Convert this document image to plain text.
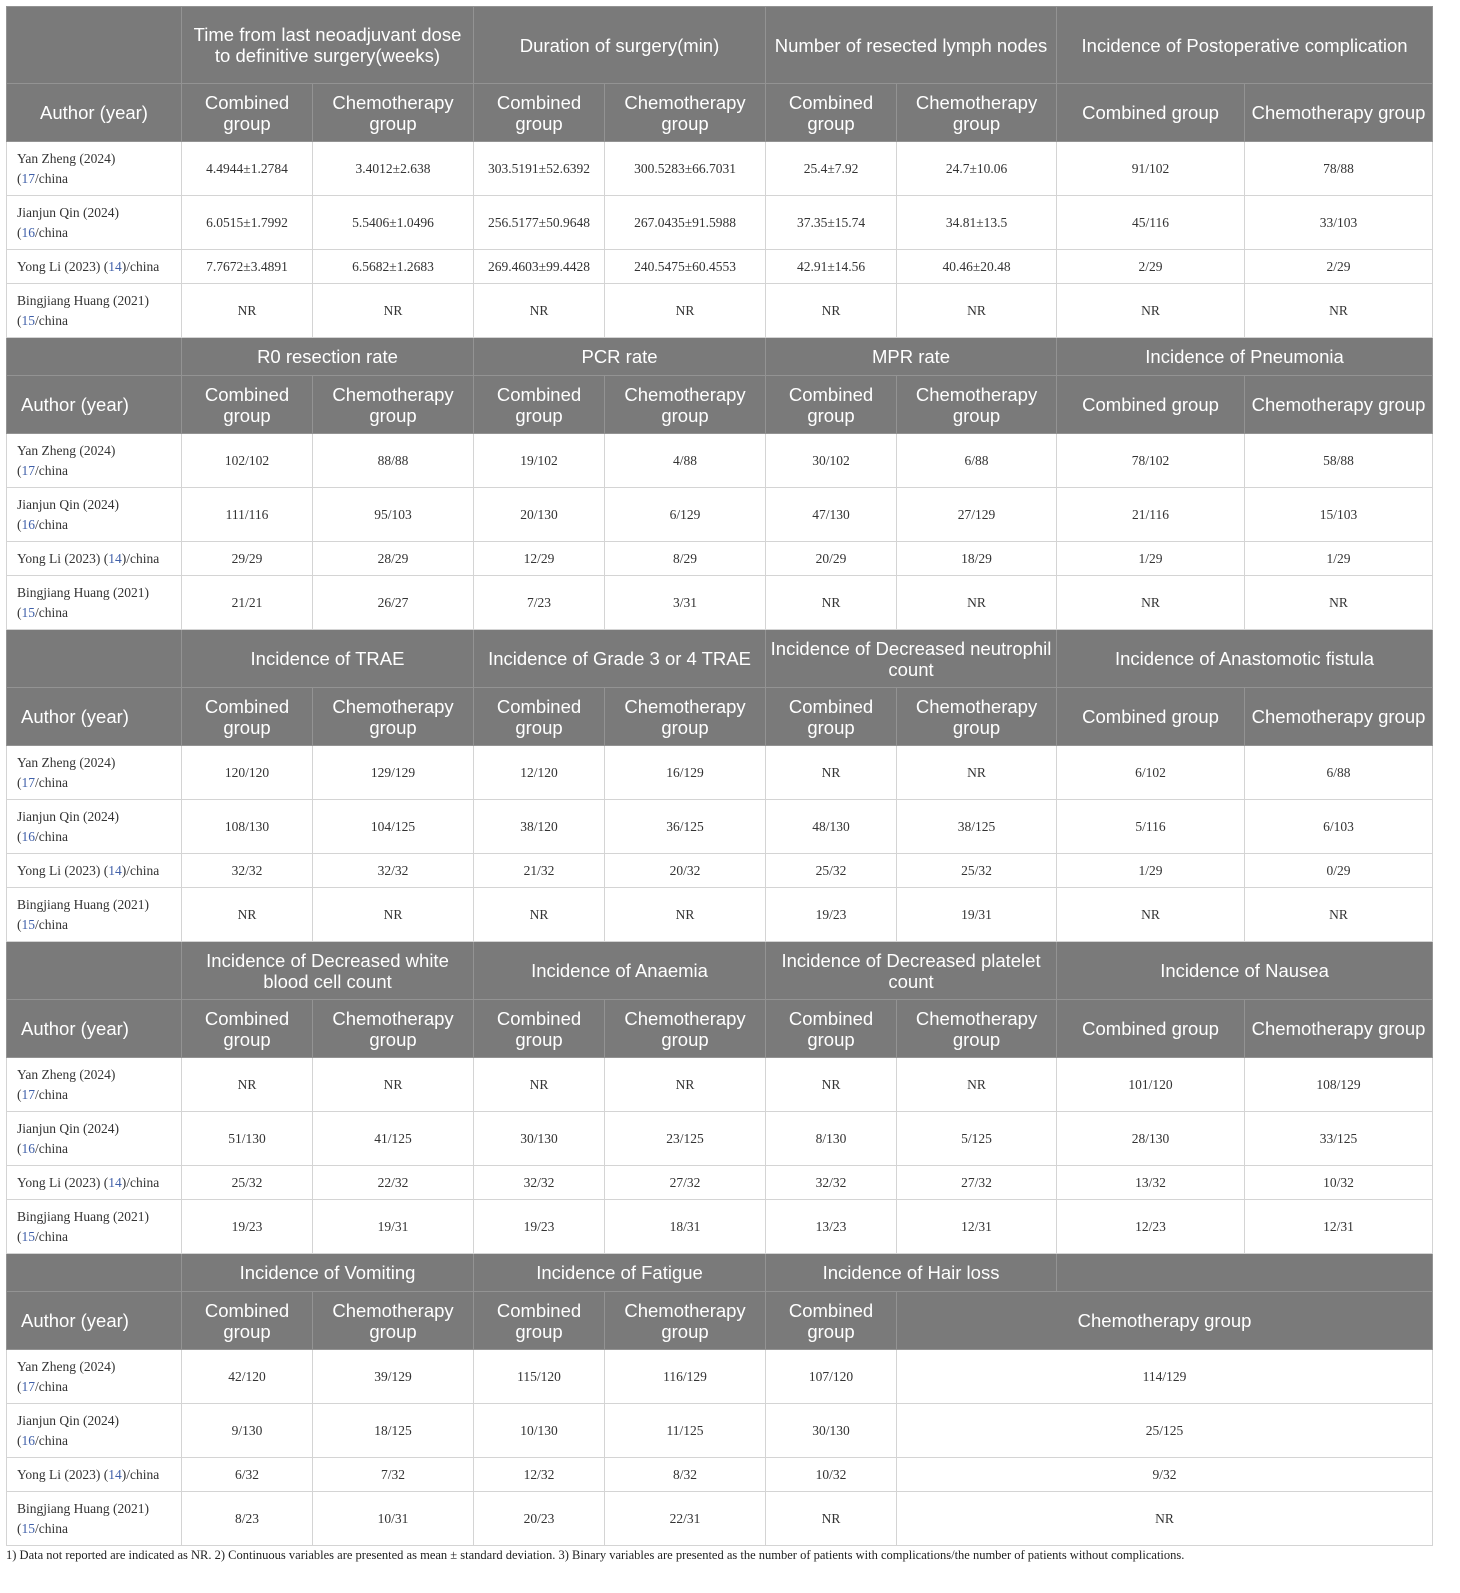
	Time from last neoadjuvant dose to definitive surgery(weeks)		Duration of surgery(min)		Number of resected lymph nodes		Incidence of Postoperative complication	
Author (year)	Combined group	Chemotherapy group	Combined group	Chemotherapy group	Combined group	Chemotherapy group	Combined group	Chemotherapy group
Yan Zheng (2024)
(17/china	4.4944±1.2784	3.4012±2.638	303.5191±52.6392	300.5283±66.7031	25.4±7.92	24.7±10.06	91/102	78/88
Jianjun Qin (2024)
(16/china	6.0515±1.7992	5.5406±1.0496	256.5177±50.9648	267.0435±91.5988	37.35±15.74	34.81±13.5	45/116	33/103
Yong Li (2023) (14)/china	7.7672±3.4891	6.5682±1.2683	269.4603±99.4428	240.5475±60.4553	42.91±14.56	40.46±20.48	2/29	2/29
Bingjiang Huang (2021)
(15/china	NR	NR	NR	NR	NR	NR	NR	NR
	R0 resection rate		PCR rate		MPR rate		Incidence of Pneumonia	
Author (year)	Combined group	Chemotherapy group	Combined group	Chemotherapy group	Combined group	Chemotherapy group	Combined group	Chemotherapy group
Yan Zheng (2024)
(17/china	102/102	88/88	19/102	4/88	30/102	6/88	78/102	58/88
Jianjun Qin (2024)
(16/china	111/116	95/103	20/130	6/129	47/130	27/129	21/116	15/103
Yong Li (2023) (14)/china	29/29	28/29	12/29	8/29	20/29	18/29	1/29	1/29
Bingjiang Huang (2021)
(15/china	21/21	26/27	7/23	3/31	NR	NR	NR	NR
	Incidence of TRAE		Incidence of Grade 3 or 4 TRAE		Incidence of Decreased neutrophil count		Incidence of Anastomotic fistula	
Author (year)	Combined group	Chemotherapy group	Combined group	Chemotherapy group	Combined group	Chemotherapy group	Combined group	Chemotherapy group
Yan Zheng (2024)
(17/china	120/120	129/129	12/120	16/129	NR	NR	6/102	6/88
Jianjun Qin (2024)
(16/china	108/130	104/125	38/120	36/125	48/130	38/125	5/116	6/103
Yong Li (2023) (14)/china	32/32	32/32	21/32	20/32	25/32	25/32	1/29	0/29
Bingjiang Huang (2021)
(15/china	NR	NR	NR	NR	19/23	19/31	NR	NR
	Incidence of Decreased white blood cell count		Incidence of Anaemia		Incidence of Decreased platelet count		Incidence of Nausea	
Author (year)	Combined group	Chemotherapy group	Combined group	Chemotherapy group	Combined group	Chemotherapy group	Combined group	Chemotherapy group
Yan Zheng (2024)
(17/china	NR	NR	NR	NR	NR	NR	101/120	108/129
Jianjun Qin (2024)
(16/china	51/130	41/125	30/130	23/125	8/130	5/125	28/130	33/125
Yong Li (2023) (14)/china	25/32	22/32	32/32	27/32	32/32	27/32	13/32	10/32
Bingjiang Huang (2021)
(15/china	19/23	19/31	19/23	18/31	13/23	12/31	12/23	12/31
	Incidence of Vomiting		Incidence of Fatigue		Incidence of Hair loss			
Author (year)	Combined group	Chemotherapy group	Combined group	Chemotherapy group	Combined group	Chemotherapy group		
Yan Zheng (2024)
(17/china	42/120	39/129	115/120	116/129	107/120	114/129		
Jianjun Qin (2024)
(16/china	9/130	18/125	10/130	11/125	30/130	25/125		
Yong Li (2023) (14)/china	6/32	7/32	12/32	8/32	10/32	9/32		
Bingjiang Huang (2021)
(15/china	8/23	10/31	20/23	22/31	NR	NR		
1) Data not reported are indicated as NR. 2) Continuous variables are presented as mean ± standard deviation. 3) Binary variables are presented as the number of patients with complications/the number of patients without complications.
